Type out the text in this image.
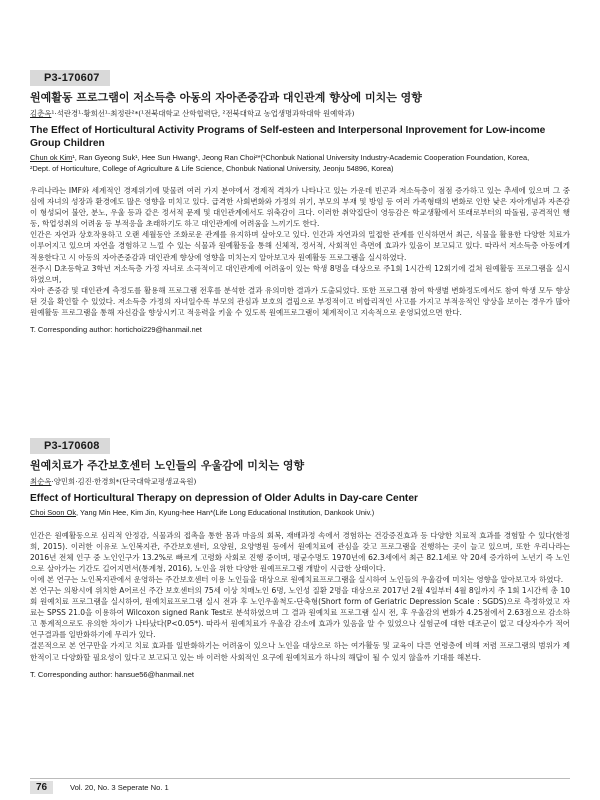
P3-170607
원예활동 프로그램이 저소득층 아동의 자아존중감과 대인관계 향상에 미치는 영향
김춘옥¹·석란경¹·황희선¹·최정란²*(¹전북대학교 산학협력단, ²전북대학교 농업생명과학대학 원예학과)
The Effect of Horticultural Activity Programs of Self-esteen and Interpersonal Inprovement for Low-income Group Children
Chun ok Kim¹, Ran Gyeong Suk¹, Hee Sun Hwang¹, Jeong Ran Choi²*(¹Chonbuk National University Industry-Academic Cooperation Foundation, Korea,
²Dept. of Horticulture, College of Agriculture & Life Science, Chonbuk National University, Jeonju 54896, Korea)

우리나라는 IMF와 세계적인 경제위기에 맞물려 여러 가지 분야에서 경제적 격차가 나타나고 있는 가운데 빈곤과 저소득층이 점점 증가하고 있는 추세에 있으며 그 중심에 자녀의 성장과 환경에도 많은 영향을 미치고 있다. 급격한 사회변화와 가정의 위기, 부모의 부재 및 방임 등 여러 가족형태의 변화로 인한 낮은 자아개념과 자존감이 형성되어 불안, 분노, 우울 등과 같은 정서적 문제 및 대인관계에서도 위축감이 크다. 이러한 취약집단이 영등감은 학교생활에서 또래로부터의 따돌림, 공격적인 행동, 학업성취의 어려움 등 부적응을 초래하기도 하고 대인관계에 어려움을 느끼기도 한다.

인간은 자연과 상호작용하고 오랜 세월동안 조화로운 관계를 유지하며 살아오고 있다. 인간과 자연과의 밀접한 관계를 인식하면서 최근, 식물을 활용한 다양한 치료가 이루어지고 있으며 자연을 경험하고 느낄 수 있는 식물과 원예활동을 통해 신체적, 정서적, 사회적인 측면에 효과가 있음이 보고되고 있다. 따라서 저소득층 아동에게 적용한다고 시 아동의 자아존중감과 대인관계 향상에 영향을 미치는지 알아보고자 원예활동 프로그램을 실시하였다.

전주시 D초등학교 3학년 저소득층 가정 자녀로 소극적이고 대인관계에 어려움이 있는 학생 8명을 대상으로 주1회 1시간씩 12회기에 걸쳐 원예활동 프로그램을 실시하였으며,

자아 존중감 및 대인관계 측정도를 활용해 프로그램 전후를 분석한 결과 유의미한 결과가 도출되었다. 또한 프로그램 참여 학생별 변화정도에서도 참여 학생 모두 향상된 것을 확인할 수 있었다. 저소득층 가정의 자녀일수록 부모의 관심과 보호의 결핍으로 부정적이고 비합리적인 사고를 가지고 부적응적인 양상을 보이는 경우가 많아 원예활동 프로그램을 통해 자신감을 향상시키고 적응력을 키울 수 있도록 원예프로그램이 체계적이고 지속적으로 운영되었으면 한다.

T. Corresponding author: hortichoi229@hanmail.net
P3-170608
원예치료가 주간보호센터 노인들의 우울감에 미치는 영향
최순옥·양민희·김진·한경희*(단국대학교평생교육원)
Effect of Horticultural Therapy on depression of Older Adults in Day-care Center
Choi Soon Ok, Yang Min Hee, Kim Jin, Kyung-hee Han*(Life Long Educational Institution, Dankook Univ.)

인간은 원예활동으로 심리적 안정감, 식물과의 접촉을 통한 몸과 마음의 회복, 재배과정 속에서 경험하는 건강증진효과 등 다양한 치료적 효과를 경험할 수 있다(한정희, 2015). 이러한 이유로 노인복지관, 주간보호센터, 요양원, 요양병원 등에서 원예치료에 관심을 갖고 프로그램을 진행하는 곳이 늘고 있으며, 또한 우리나라는 2016년 전체 인구 중 노인인구가 13.2%로 빠르게 고령화 사회로 진행 중이며, 평균수명도 1970년에 62.3세에서 최근 82.1세로 약 20세 증가하여 노년기 즉 노인으로 살아가는 기간도 길어지면서(통계청, 2016), 노인을 위한 다양한 원예프로그램 개발이 시급한 상태이다.

이에 본 연구는 노인복지관에서 운영하는 주간보호센터 이용 노인들을 대상으로 원예치료프로그램을 실시하여 노인들의 우울감에 미치는 영향을 알아보고자 하였다.

본 연구는 의왕시에 위치한 A어르신 주간 보호센터의 75세 이상 치매노인 6명, 노인성 질환 2명을 대상으로 2017년 2월 4일부터 4월 8일까지 주 1회 1시간씩 총 10회 원예치료 프로그램을 실시하여, 원예치료프로그램 실시 전과 후 노인우울척도-단축형(Short form of Geriatric Depression Scale : SGDS)으로 측정하였고 자료는 SPSS 21.0을 이용하여 Wilcoxon signed Rank Test로 분석하였으며 그 결과 원예치료 프로그램 실시 전, 후 우울감의 변화가 4.25점에서 2.63점으로 감소하고 통계적으로도 유의한 차이가 나타났다(P<0.05*). 따라서 원예치료가 우울감 감소에 효과가 있음을 알 수 있었으나 실험군에 대한 대조군이 없고 대상자수가 적어 연구결과를 일반화하기에 무리가 있다.

결론적으로 본 연구만을 가지고 치료 효과를 일반화하기는 어려움이 있으나 노인을 대상으로 하는 여가활동 및 교육이 다른 연령층에 비해 저렴 프로그램의 범위가 제한적이고 다양화할 필요성이 있다고 보고되고 있는 바 이러한 사회적인 요구에 원예치료가 하나의 해답이 될 수 있지 않을까 기대를 해본다.

T. Corresponding author: hansue56@hanmail.net
76	Vol. 20, No. 3 Seperate No. 1
